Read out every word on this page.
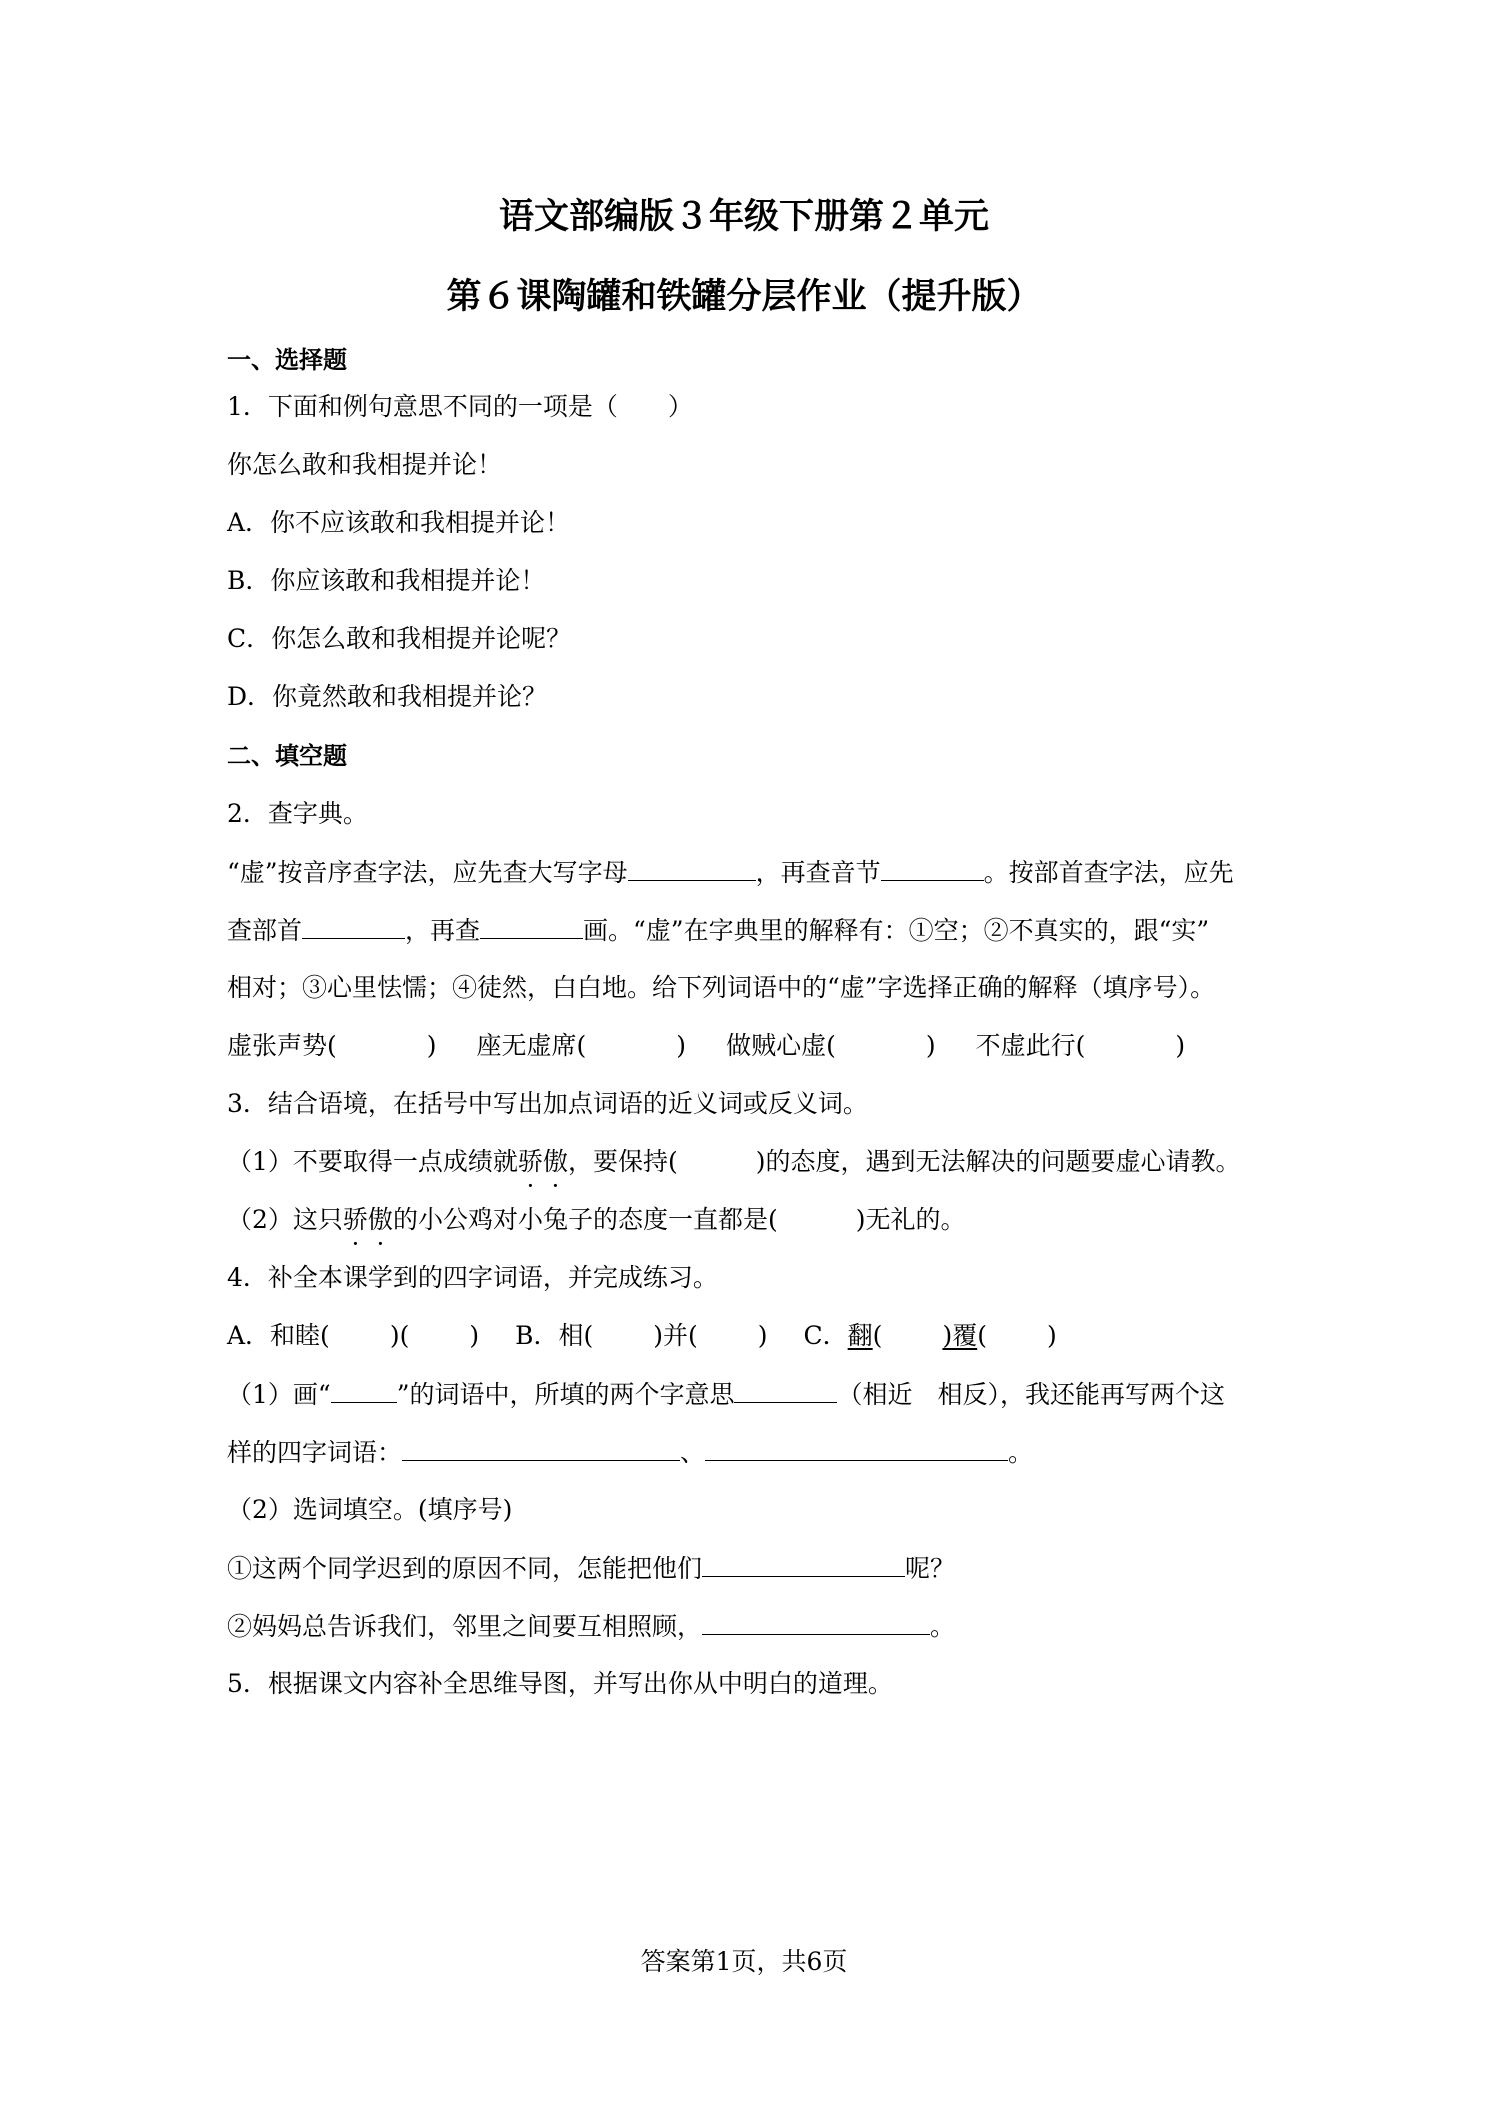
语文部编版３年级下册第２单元
第６课陶罐和铁罐分层作业（提升版）
一、选择题
1．下面和例句意思不同的一项是（　　）
你怎么敢和我相提并论！
A．你不应该敢和我相提并论！
B．你应该敢和我相提并论！
C．你怎么敢和我相提并论呢？
D．你竟然敢和我相提并论？
二、填空题
2．查字典。
“虚”按音序查字法，应先查大写字母	，再查音节	。按部首查字法，应先
查部首	，再查	画。“虚”在字典里的解释有：①空；②不真实的，跟“实”
相对；③心里怯懦；④徒然，白白地。给下列词语中的“虚”字选择正确的解释（填序号）。
虚张声势(	) 座无虚席(	) 做贼心虚(	) 不虚此行(	)
3．结合语境，在括号中写出加点词语的近义词或反义词。
（1）不要取得一点成绩就骄傲，要保持(	)的态度，遇到无法解决的问题要虚心请教。
（2）这只骄傲的小公鸡对小兔子的态度一直都是(	)无礼的。
4．补全本课学到的四字词语，并完成练习。
A．和睦( )( ) B．相( )并( ) C．翻( )覆( )
（1）画“	”的词语中，所填的两个字意思	（相近　相反），我还能再写两个这
样的四字词语：	、	。
（2）选词填空。(填序号)
①这两个同学迟到的原因不同，怎能把他们	呢？
②妈妈总告诉我们，邻里之间要互相照顾，	。
5．根据课文内容补全思维导图，并写出你从中明白的道理。
答案第1页，共6页
